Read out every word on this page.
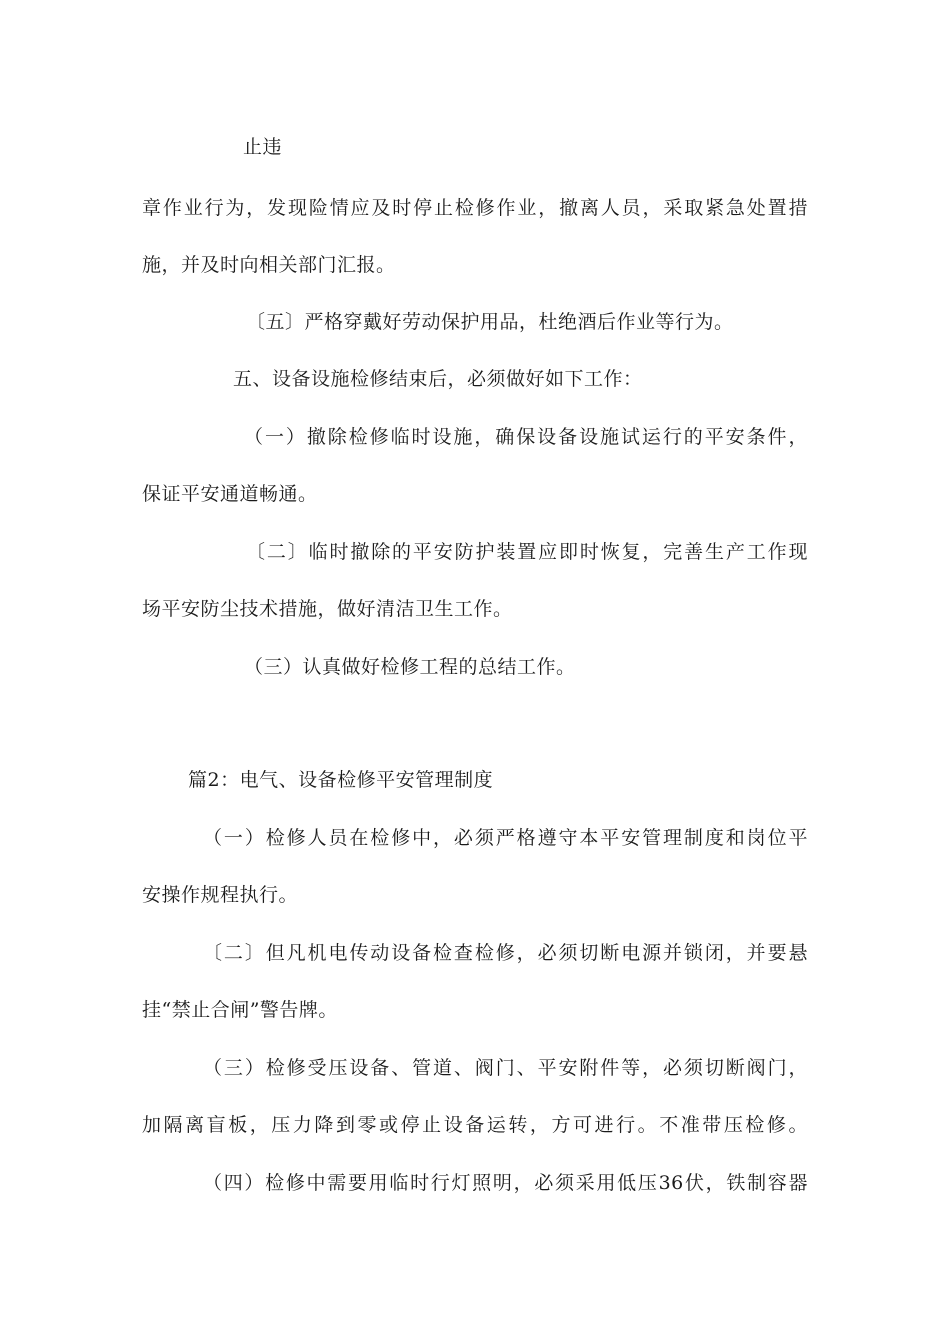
止违
章作业行为，发现险情应及时停止检修作业，撤离人员，采取紧急处置措
施，并及时向相关部门汇报。
〔五〕严格穿戴好劳动保护用品，杜绝酒后作业等行为。
五、设备设施检修结束后，必须做好如下工作：
（一）撤除检修临时设施，确保设备设施试运行的平安条件，
保证平安通道畅通。
〔二〕临时撤除的平安防护装置应即时恢复，完善生产工作现
场平安防尘技术措施，做好清洁卫生工作。
（三）认真做好检修工程的总结工作。
篇2：电气、设备检修平安管理制度
（一）检修人员在检修中，必须严格遵守本平安管理制度和岗位平
安操作规程执行。
〔二〕但凡机电传动设备检查检修，必须切断电源并锁闭，并要悬
挂“禁止合闸”警告牌。
（三）检修受压设备、管道、阀门、平安附件等，必须切断阀门，
加隔离盲板，压力降到零或停止设备运转，方可进行。不准带压检修。
（四）检修中需要用临时行灯照明，必须采用低压36伏，铁制容器
